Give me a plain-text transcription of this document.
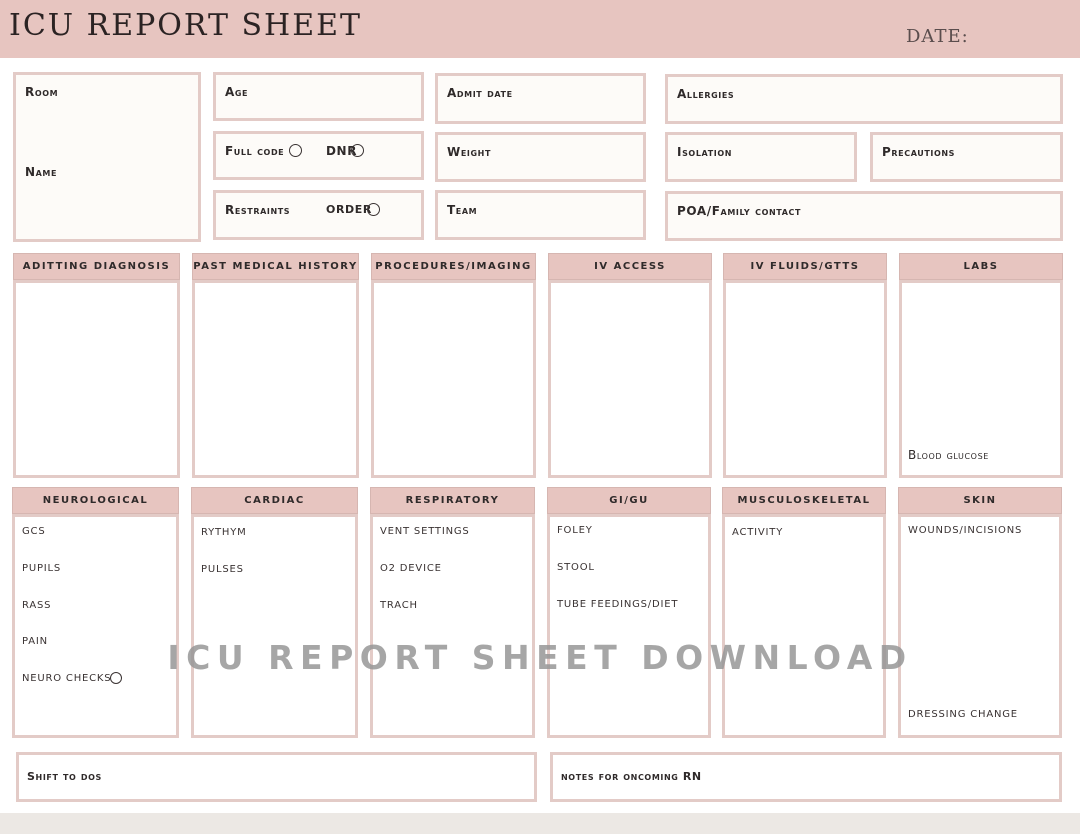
ICU REPORT SHEET	DATE:
Room
Name
Age
Full code	DNR
Restraints	ORDER
Admit date
Weight
Team
Allergies
Isolation	Precautions
POA/Family contact
ADITTING DIAGNOSIS	PAST MEDICAL HISTORY	PROCEDURES/IMAGING	IV ACCESS	IV FLUIDS/GTTS	LABS
Blood glucose
NEUROLOGICAL
GCS
PUPILS
RASS
PAIN
NEURO CHECKS
CARDIAC
RYTHYM
PULSES
RESPIRATORY
VENT SETTINGS
O2 DEVICE
TRACH
GI/GU
FOLEY
STOOL
TUBE FEEDINGS/DIET
MUSCULOSKELETAL
ACTIVITY
SKIN
WOUNDS/INCISIONS
DRESSING CHANGE
Shift to dos	notes for oncoming RN
ICU REPORT SHEET DOWNLOAD
